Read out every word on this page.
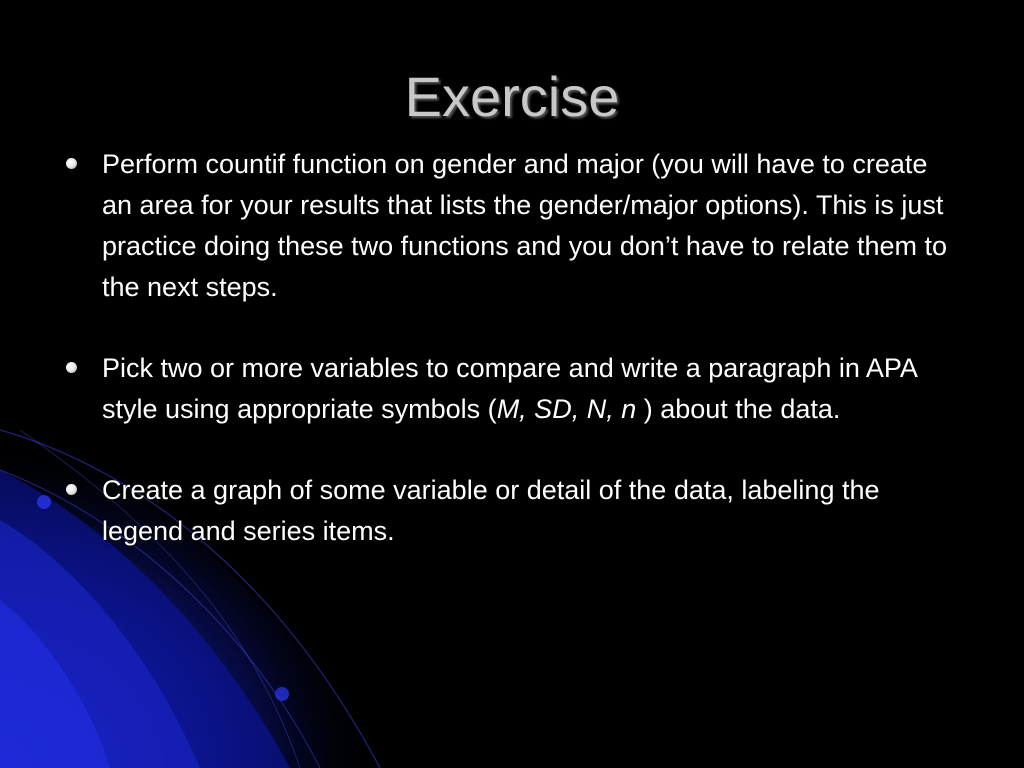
Exercise
Perform countif function on gender and major (you will have to create an area for your results that lists the gender/major options). This is just practice doing these two functions and you don’t have to relate them to the next steps.
Pick two or more variables to compare and write a paragraph in APA style using appropriate symbols (M, SD, N, n ) about the data.
Create a graph of some variable or detail of the data, labeling the legend and series items.
